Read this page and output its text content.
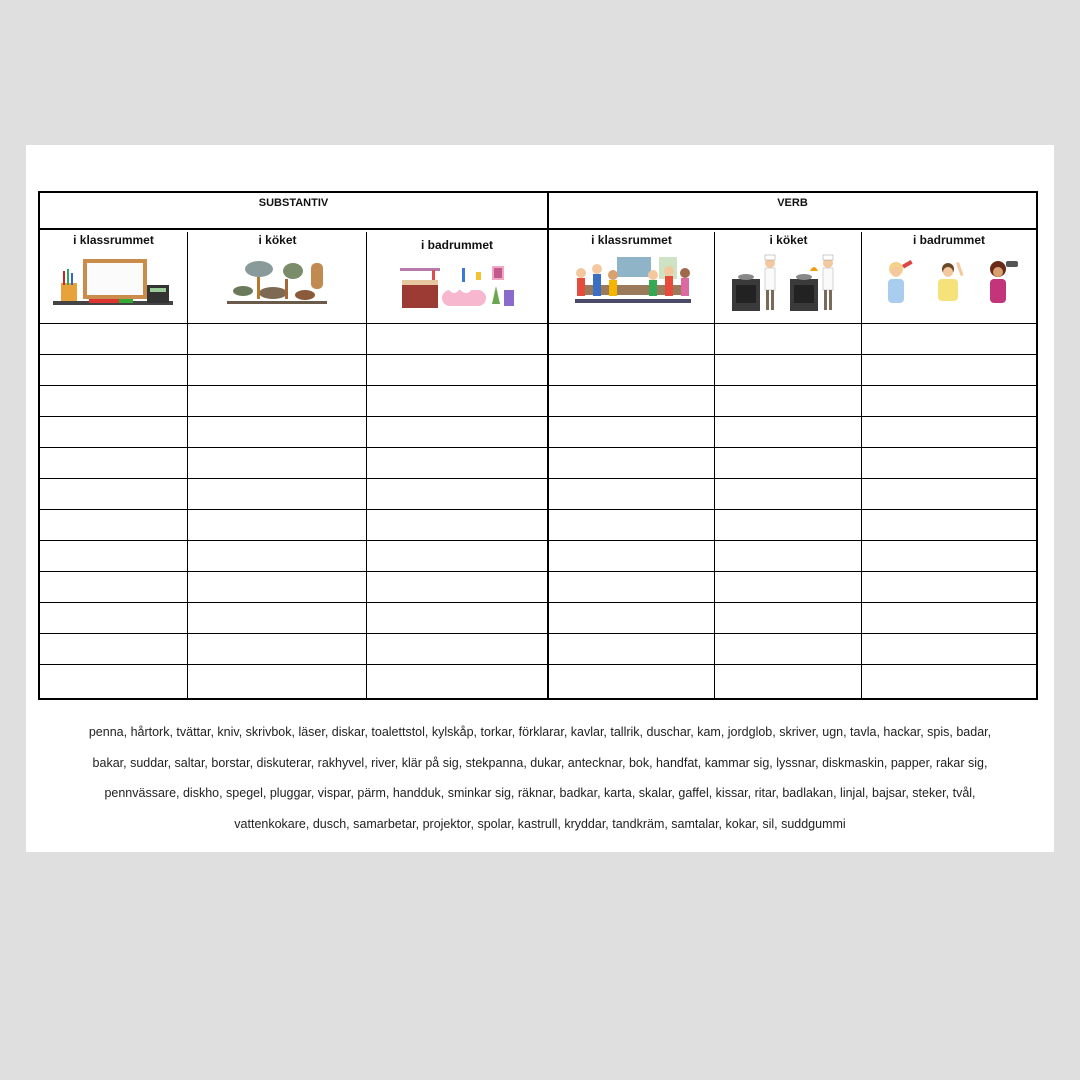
SUBSTANTIV
i klassrummet	i köket	i badrummet
VERB
i klassrummet	i köket	i badrummet
penna, hårtork, tvättar, kniv, skrivbok, läser, diskar, toalettstol, kylskåp, torkar, förklarar, kavlar, tallrik, duschar, kam, jordglob, skriver, ugn, tavla, hackar, spis, badar,
bakar, suddar, saltar, borstar, diskuterar, rakhyvel, river, klär på sig, stekpanna, dukar, antecknar, bok, handfat, kammar sig, lyssnar, diskmaskin, papper, rakar sig,
pennvässare, diskho, spegel, pluggar, vispar, pärm, handduk, sminkar sig, räknar, badkar, karta, skalar, gaffel, kissar, ritar, badlakan, linjal, bajsar, steker, tvål,
vattenkokare, dusch, samarbetar, projektor, spolar, kastrull, kryddar, tandkräm, samtalar, kokar, sil, suddgummi
